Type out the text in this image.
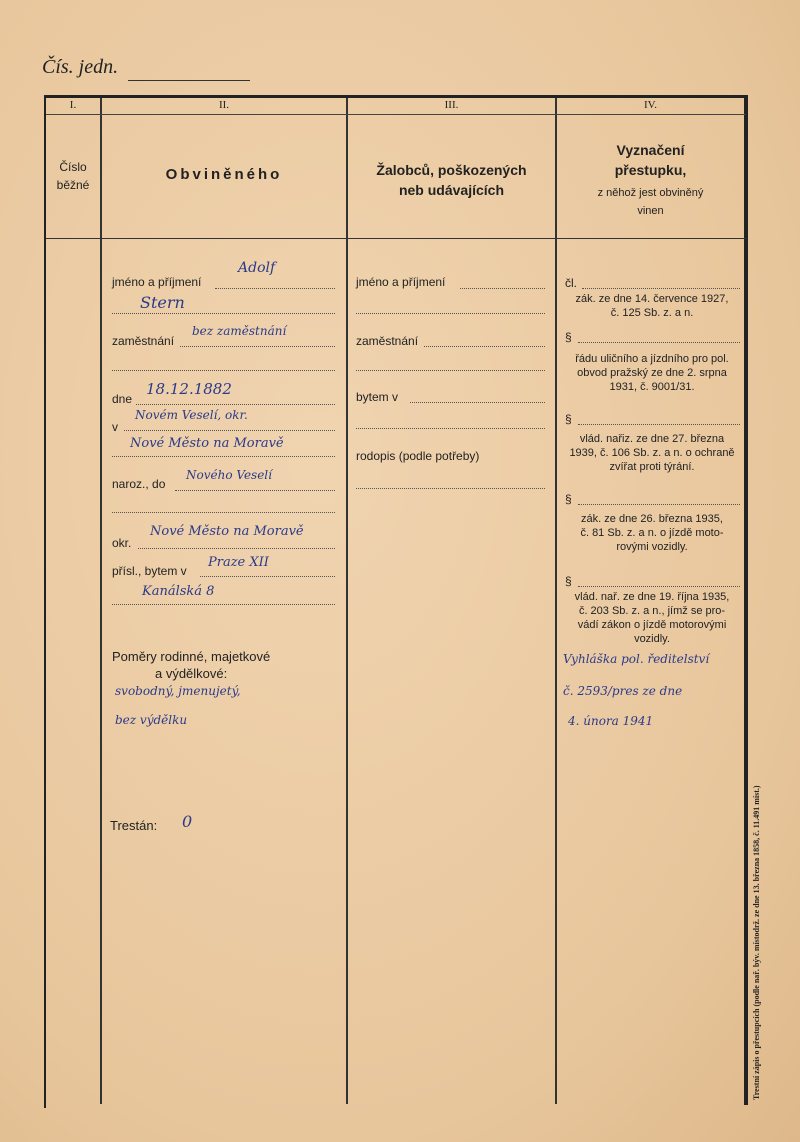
Čís. jedn.
I.	II.	III.	IV.
Číslo
běžné
Obviněného	Žalobců, poškozených
neb udávajících
Vyznačení
přestupku,
z něhož jest obviněný
vinen
jméno a příjmení
Adolf
Stern
zaměstnání
bez zaměstnání
dne
18.12.1882
v
Novém Veselí, okr.
Nové Město na Moravě
naroz., do
Nového Veselí
okr.
Nové Město na Moravě
přísl., bytem v
Praze XII
Kanálská 8
Poměry rodinné, majetkové
a výdělkové:
svobodný, jmenujetý,
bez výdělku
Trestán: 0
jméno a příjmení
zaměstnání
bytem v
rodopis (podle potřeby)
čl.
zák. ze dne 14. července 1927,
č. 125 Sb. z. a n.
§
řádu uličního a jízdního pro pol.
obvod pražský ze dne 2. srpna
1931, č. 9001/31.
§
vlád. nařiz. ze dne 27. března
1939, č. 106 Sb. z. a n. o ochraně
zvířat proti týrání.
§
zák. ze dne 26. března 1935,
č. 81 Sb. z. a n. o jízdě moto-
rovými vozidly.
§
vlád. nař. ze dne 19. října 1935,
č. 203 Sb. z. a n., jímž se pro-
vádí zákon o jízdě motorovými
vozidly.
Vyhláška pol. ředitelství
č. 2593/pres ze dne
4. února 1941
Trestní zápis o přestupcích (podle nař. býv. místodrž. ze dne 13. března 1858, č. 11.491 míst.)
